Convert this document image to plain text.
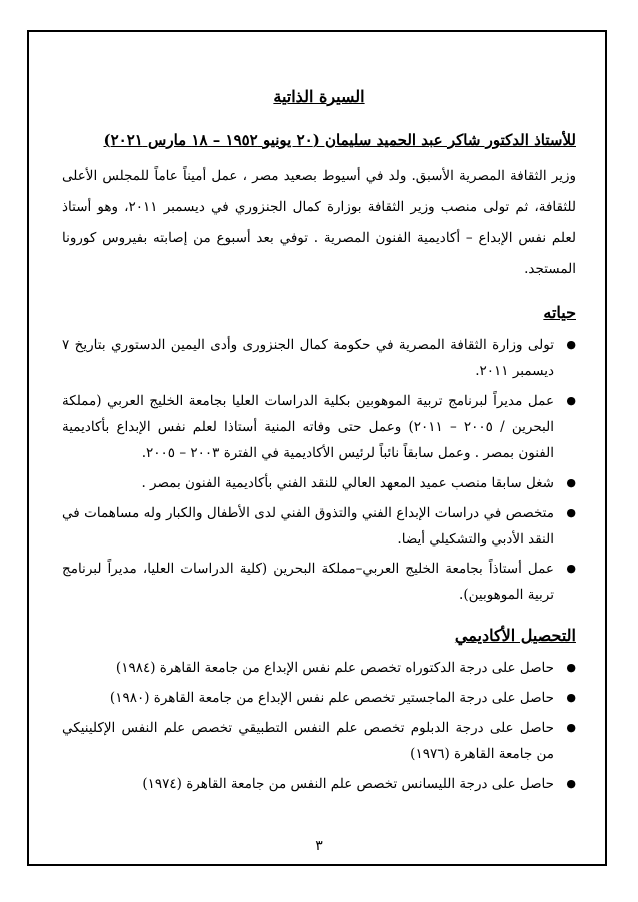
السيرة الذاتية
للأستاذ الدكتور شاكر عبد الحميد سليمان (٢٠ يونيو ١٩٥٢ – ١٨ مارس ٢٠٢١)
وزير الثقافة المصرية الأسبق. ولد في أسيوط بصعيد مصر ، عمل أميناً عاماً للمجلس الأعلى للثقافة، ثم تولى منصب وزير الثقافة بوزارة كمال الجنزوري في ديسمبر ٢٠١١، وهو أستاذ لعلم نفس الإبداع – أكاديمية الفنون المصرية . توفي بعد أسبوع من إصابته بفيروس كورونا المستجد.
حياته
●
تولى وزارة الثقافة المصرية في حكومة كمال الجنزورى وأدى اليمين الدستوري بتاريخ ٧ ديسمبر ٢٠١١.
●
عمل مديراً لبرنامج تربية الموهوبين بكلية الدراسات العليا بجامعة الخليج العربي (مملكة البحرين / ٢٠٠٥ – ٢٠١١) وعمل حتى وفاته المنية أستاذا لعلم نفس الإبداع بأكاديمية الفنون بمصر . وعمل سابقاً نائباً لرئيس الأكاديمية في الفترة ٢٠٠٣ – ٢٠٠٥.
●
شغل سابقا منصب عميد المعهد العالي للنقد الفني بأكاديمية الفنون بمصر .
●
متخصص في دراسات الإبداع الفني والتذوق الفني لدى الأطفال والكبار وله مساهمات في النقد الأدبي والتشكيلي أيضا.
●
عمل أستاذاً بجامعة الخليج العربي–مملكة البحرين (كلية الدراسات العليا، مديراً لبرنامج تربية الموهوبين).
التحصيل الأكاديمي
●
حاصل على درجة الدكتوراه تخصص علم نفس الإبداع من جامعة القاهرة (١٩٨٤)
●
حاصل على درجة الماجستير تخصص علم نفس الإبداع من جامعة القاهرة (١٩٨٠)
●
حاصل على درجة الدبلوم تخصص علم النفس التطبيقي تخصص علم النفس الإكلينيكي من جامعة القاهرة (١٩٧٦)
●
حاصل على درجة الليسانس تخصص علم النفس من جامعة القاهرة (١٩٧٤)
٣
